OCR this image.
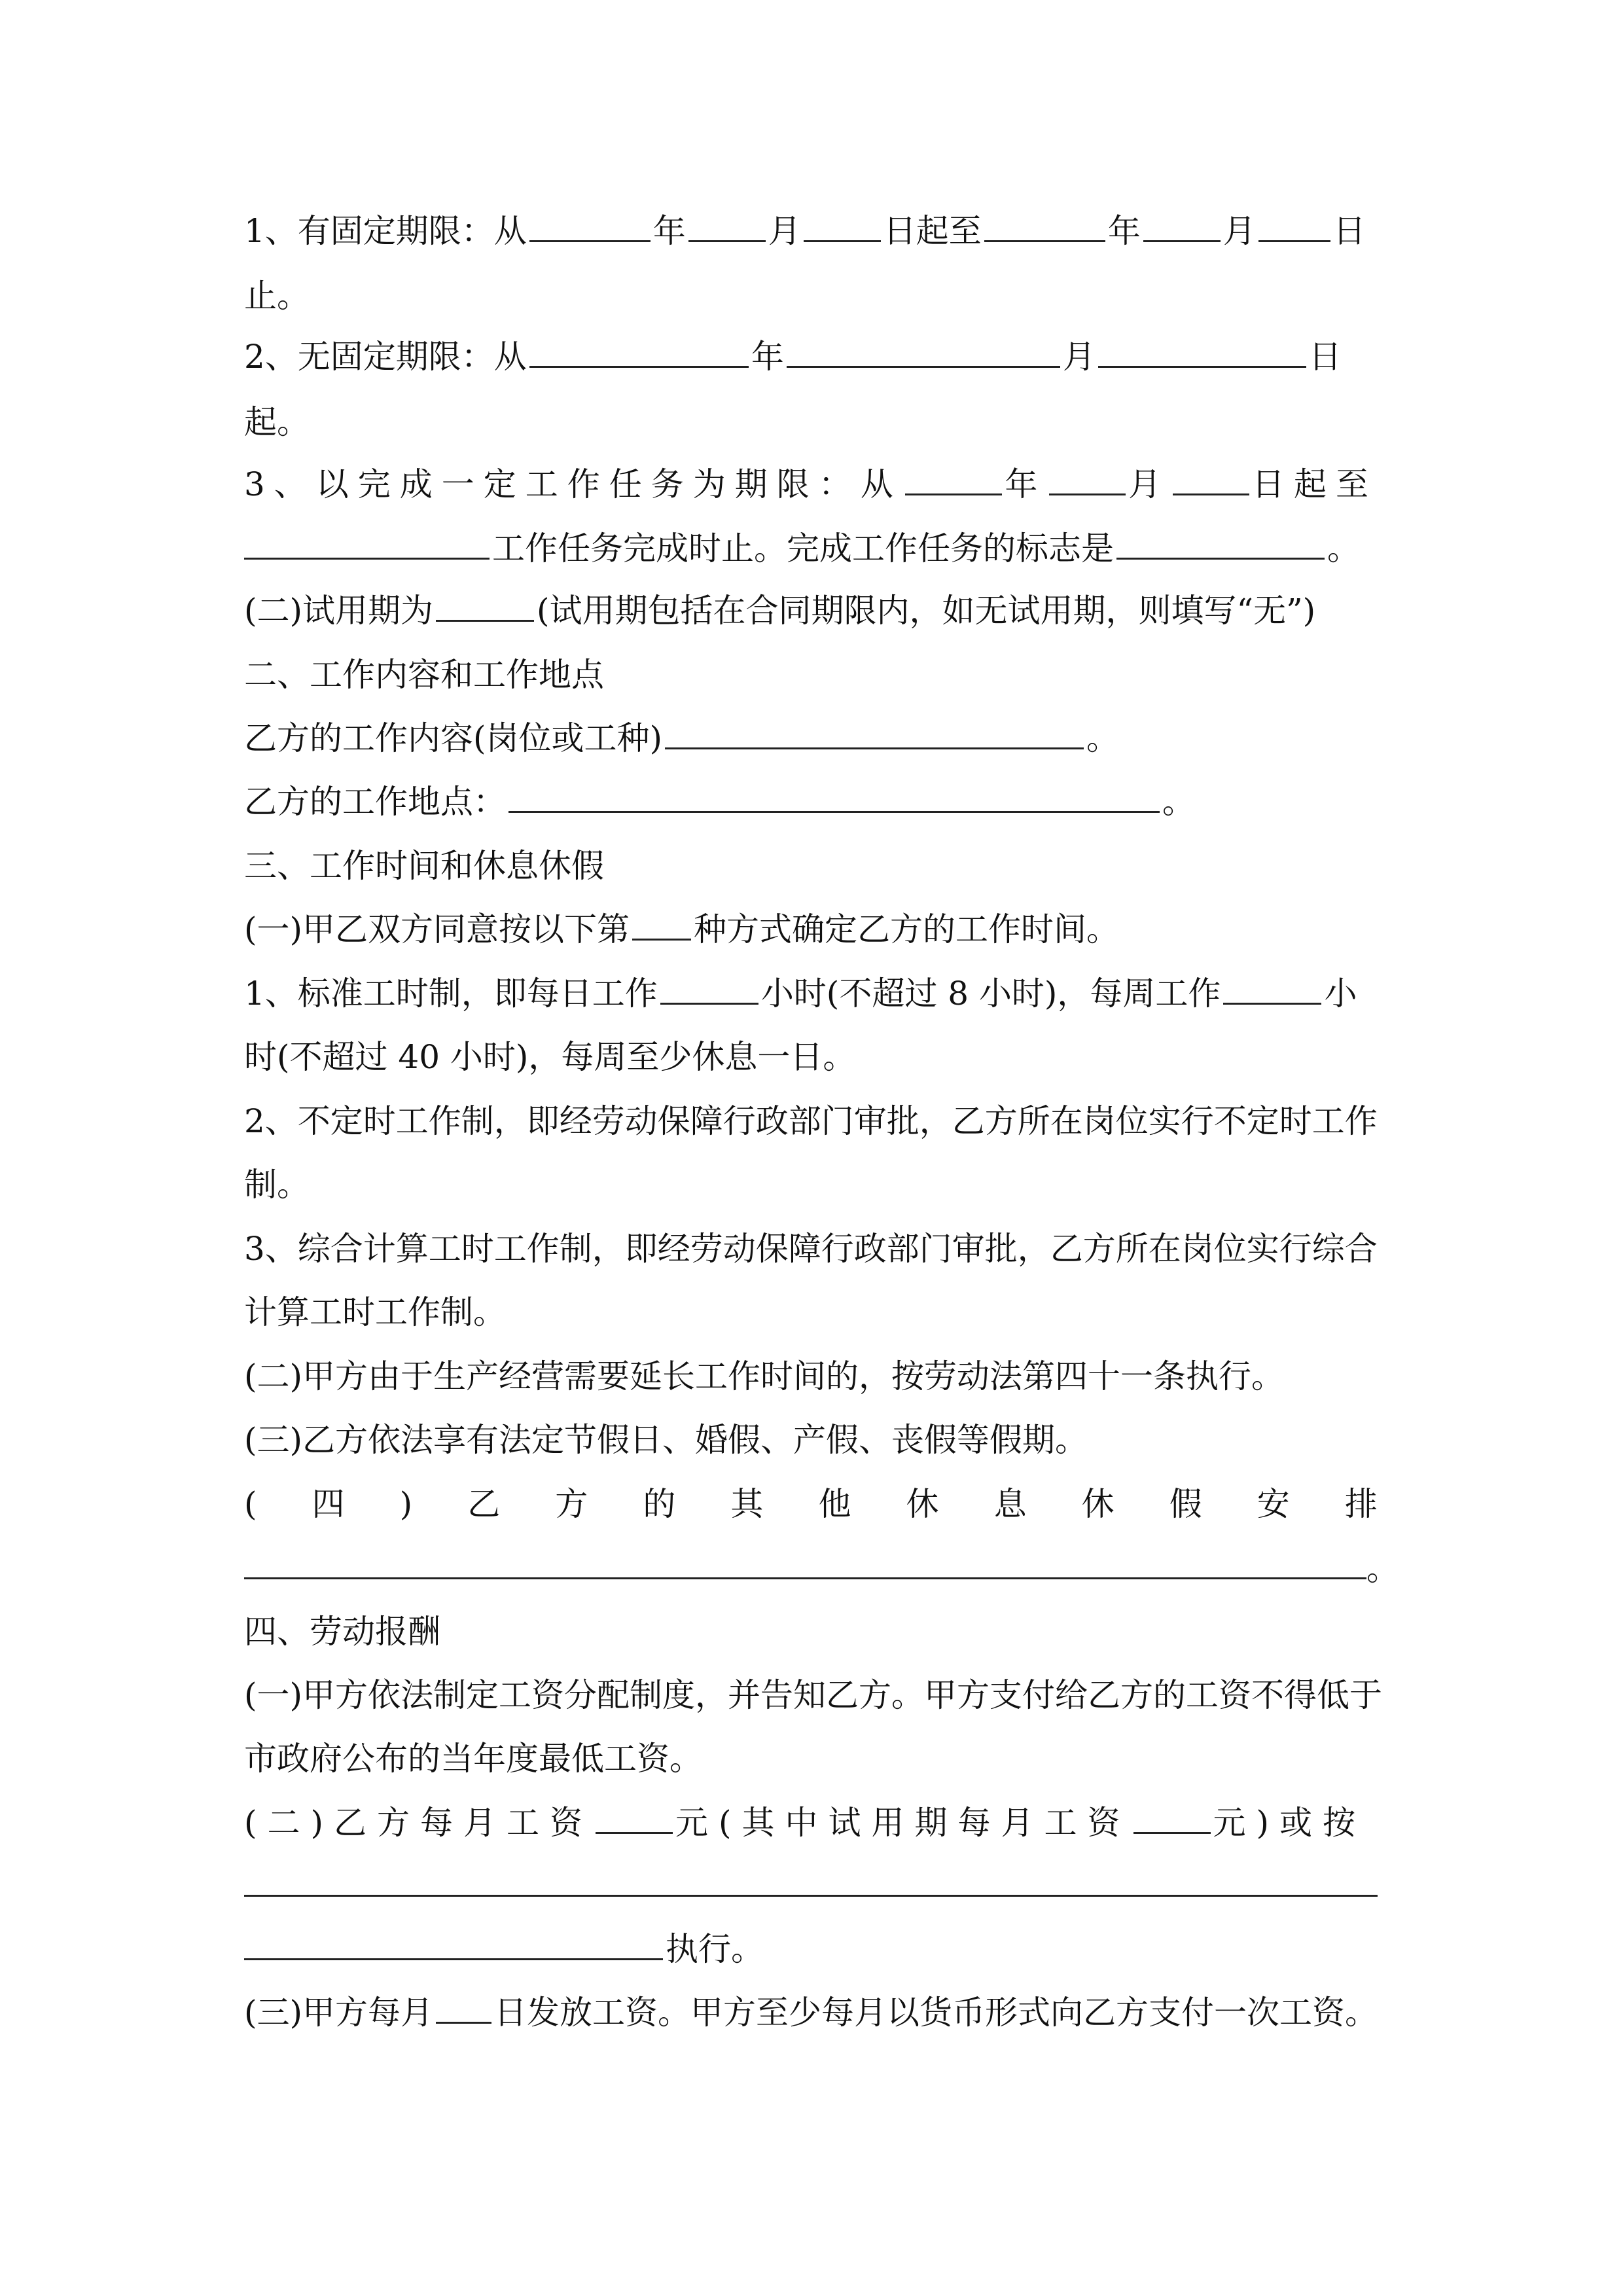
1、有固定期限：从	年	月	日起至	年	月 日
止。
2、无固定期限：从	年	月	日
起。
3、以完成一定工作任务为期限：从	年 月 日起至
工作任务完成时止。完成工作任务的标志是	。
(二)试用期为	(试用期包括在合同期限内，如无试用期，则填写“无”)
二、工作内容和工作地点
乙方的工作内容(岗位或工种)	。
乙方的工作地点：	。
三、工作时间和休息休假
(一)甲乙双方同意按以下第 种方式确定乙方的工作时间。
1、标准工时制，即每日工作	小时(不超过 8 小时)，每周工作	小
时(不超过 40 小时)，每周至少休息一日。
2、不定时工作制，即经劳动保障行政部门审批，乙方所在岗位实行不定时工作
制。
3、综合计算工时工作制，即经劳动保障行政部门审批，乙方所在岗位实行综合
计算工时工作制。
(二)甲方由于生产经营需要延长工作时间的，按劳动法第四十一条执行。
(三)乙方依法享有法定节假日、婚假、产假、丧假等假期。
( 四 ) 乙 方 的 其 他 休 息 休 假 安 排
。
四、劳动报酬
(一)甲方依法制定工资分配制度，并告知乙方。甲方支付给乙方的工资不得低于
市政府公布的当年度最低工资。
(二)乙方每月工资	元(其中试用期每月工资	元)或按
执行。
(三)甲方每月 日发放工资。甲方至少每月以货币形式向乙方支付一次工资。
